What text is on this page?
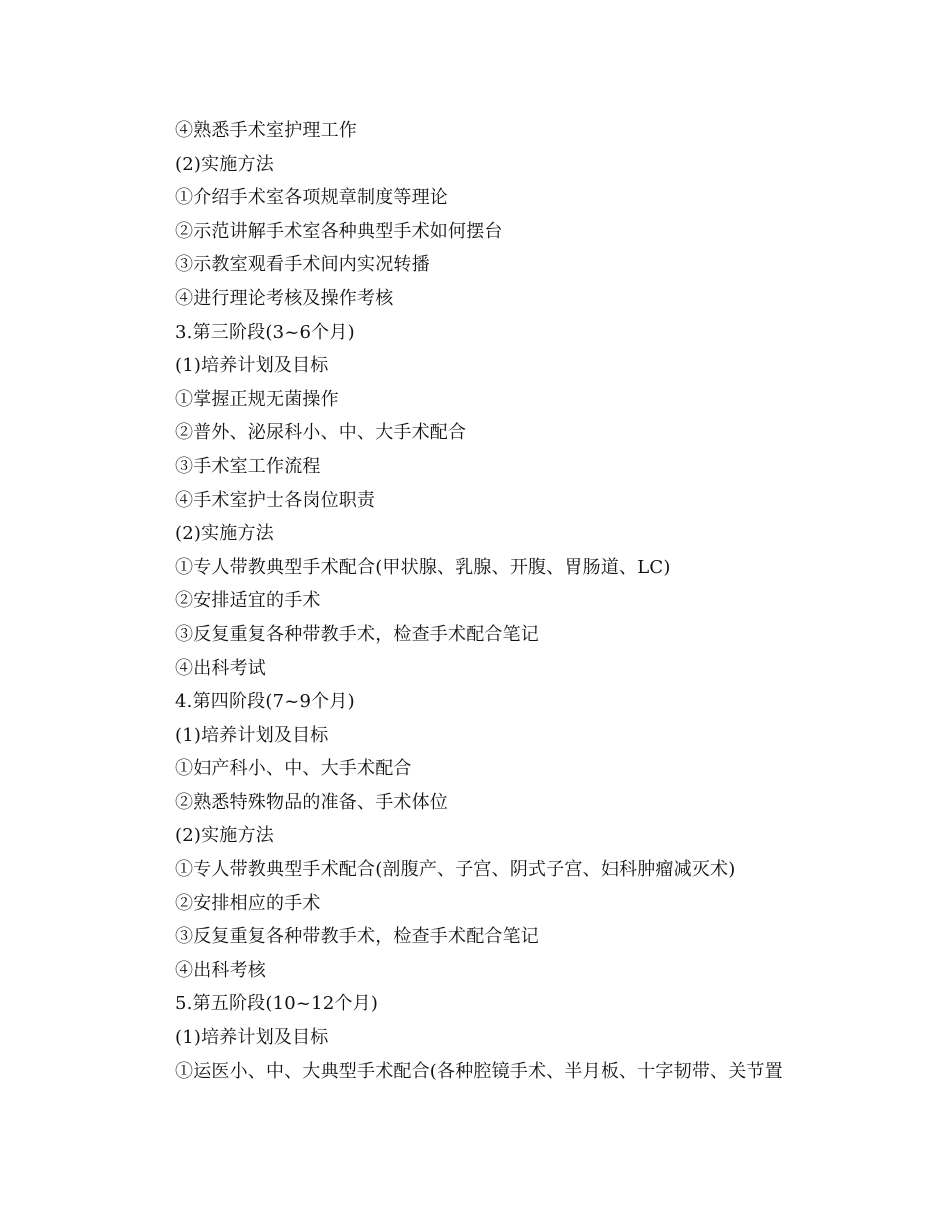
④熟悉手术室护理工作
(2)实施方法
①介绍手术室各项规章制度等理论
②示范讲解手术室各种典型手术如何摆台
③示教室观看手术间内实况转播
④进行理论考核及操作考核
3.第三阶段(3~6个月)
(1)培养计划及目标
①掌握正规无菌操作
②普外、泌尿科小、中、大手术配合
③手术室工作流程
④手术室护士各岗位职责
(2)实施方法
①专人带教典型手术配合(甲状腺、乳腺、开腹、胃肠道、LC)
②安排适宜的手术
③反复重复各种带教手术，检查手术配合笔记
④出科考试
4.第四阶段(7~9个月)
(1)培养计划及目标
①妇产科小、中、大手术配合
②熟悉特殊物品的准备、手术体位
(2)实施方法
①专人带教典型手术配合(剖腹产、子宫、阴式子宫、妇科肿瘤减灭术)
②安排相应的手术
③反复重复各种带教手术，检查手术配合笔记
④出科考核
5.第五阶段(10~12个月)
(1)培养计划及目标
①运医小、中、大典型手术配合(各种腔镜手术、半月板、十字韧带、关节置
